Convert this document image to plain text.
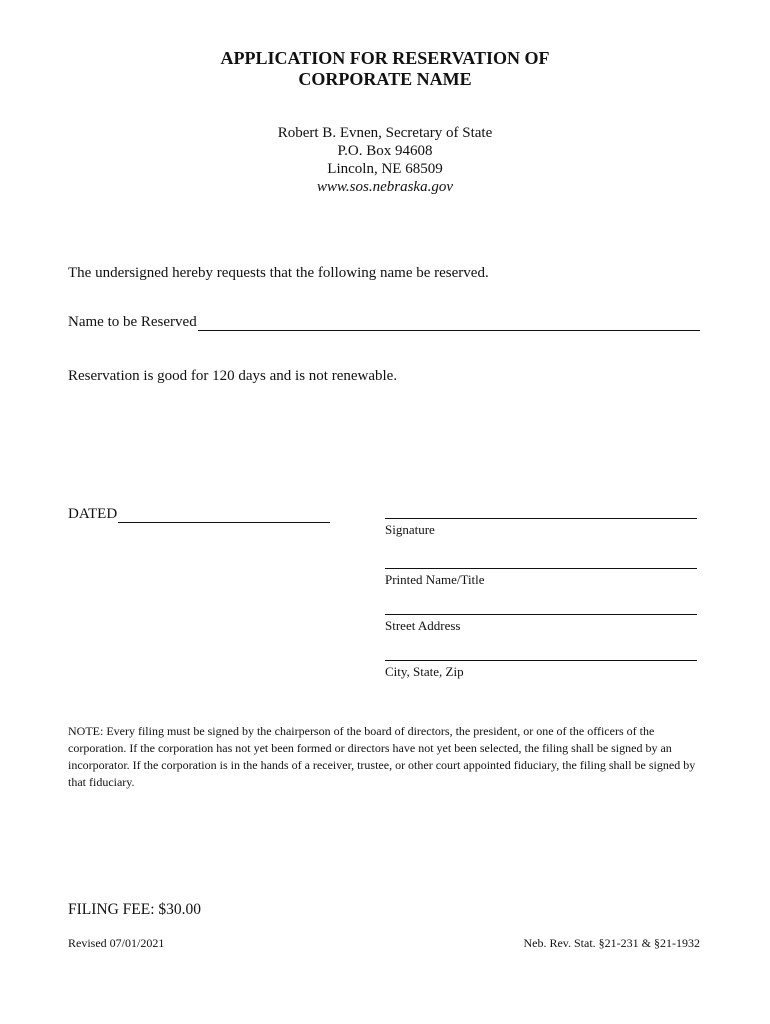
APPLICATION FOR RESERVATION OF
CORPORATE NAME
Robert B. Evnen, Secretary of State
P.O. Box 94608
Lincoln, NE 68509
www.sos.nebraska.gov
The undersigned hereby requests that the following name be reserved.
Name to be Reserved
Reservation is good for 120 days and is not renewable.
DATED
Signature
Printed Name/Title
Street Address
City, State, Zip
NOTE: Every filing must be signed by the chairperson of the board of directors, the president, or one of the officers of the corporation. If the corporation has not yet been formed or directors have not yet been selected, the filing shall be signed by an incorporator. If the corporation is in the hands of a receiver, trustee, or other court appointed fiduciary, the filing shall be signed by that fiduciary.
FILING FEE: $30.00
Revised 07/01/2021	Neb. Rev. Stat. §21-231 & §21-1932
